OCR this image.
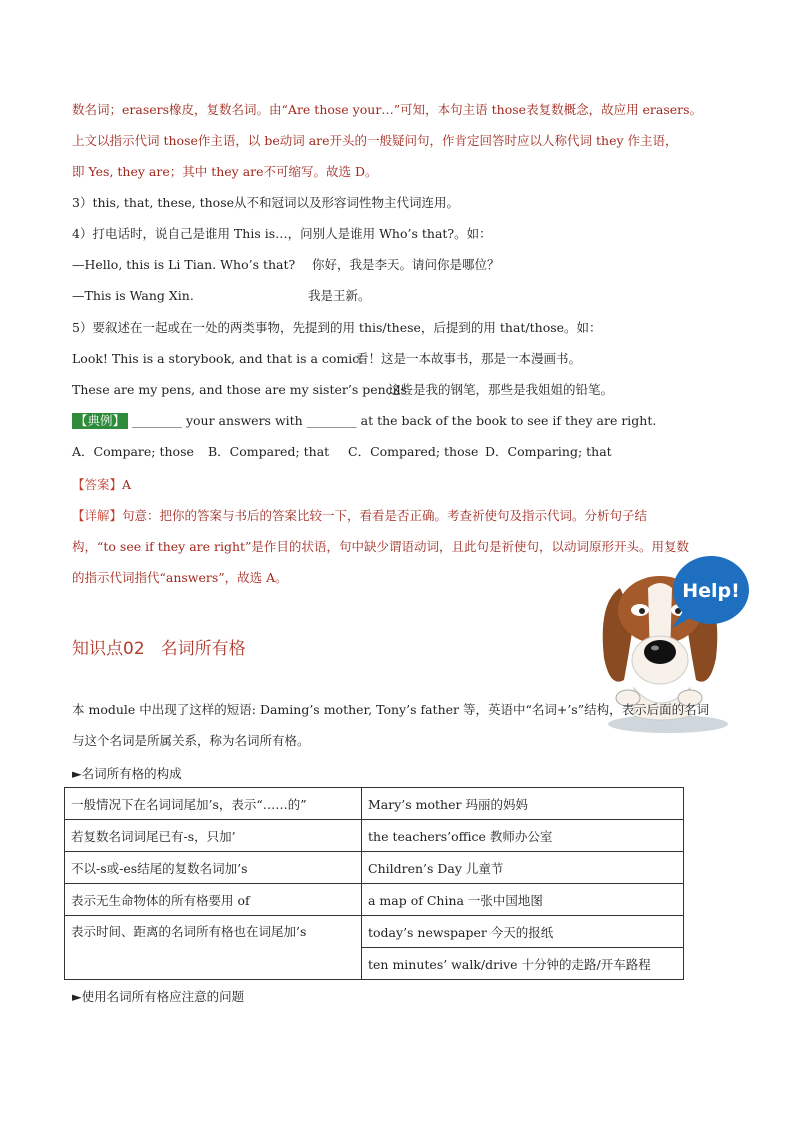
数名词；erasers橡皮，复数名词。由“Are those your…”可知，本句主语 those表复数概念，故应用 erasers。
上文以指示代词 those作主语，以 be动词 are开头的一般疑问句，作肯定回答时应以人称代词 they 作主语，
即 Yes, they are；其中 they are不可缩写。故选 D。
3）this, that, these, those从不和冠词以及形容词性物主代词连用。
4）打电话时，说自己是谁用 This is…，问别人是谁用 Who’s that?。如：
—Hello, this is Li Tian. Who’s that? 你好，我是李天。请问你是哪位？
—This is Wang Xin.	我是王新。
5）要叙述在一起或在一处的两类事物，先提到的用 this/these，后提到的用 that/those。如：
Look! This is a storybook, and that is a comic.
看！这是一本故事书，那是一本漫画书。
These are my pens, and those are my sister’s pencils.
这些是我的钢笔，那些是我姐姐的铅笔。
【典例】 ________ your answers with ________ at the back of the book to see if they are right.
A．Compare; those B．Compared; that C．Compared; those D．Comparing; that
【答案】A
【详解】句意：把你的答案与书后的答案比较一下，看看是否正确。考查祈使句及指示代词。分析句子结
构，“to see if they are right”是作目的状语，句中缺少谓语动词，且此句是祈使句，以动词原形开头。用复数
的指示代词指代“answers”，故选 A。
知识点02 名词所有格
Help!
本 module 中出现了这样的短语: Daming’s mother, Tony’s father 等，英语中“名词+’s”结构，表示后面的名词
与这个名词是所属关系，称为名词所有格。
►名词所有格的构成
一般情况下在名词词尾加’s，表示“……的”	Mary’s mother 玛丽的妈妈
若复数名词词尾已有-s，只加’	the teachers’office 教师办公室
不以-s或-es结尾的复数名词加’s	Children’s Day 儿童节
表示无生命物体的所有格要用 of	a map of China 一张中国地图
表示时间、距离的名词所有格也在词尾加’s	today’s newspaper 今天的报纸
	ten minutes’ walk/drive 十分钟的走路/开车路程
►使用名词所有格应注意的问题
